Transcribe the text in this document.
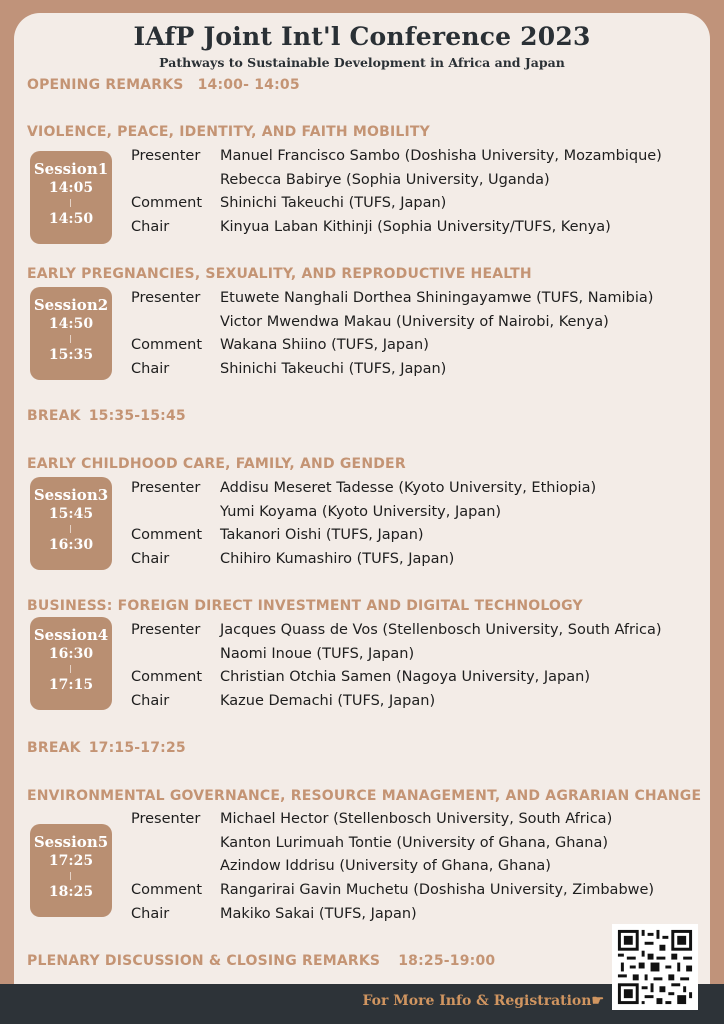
IAfP Joint Int'l Conference 2023
Pathways to Sustainable Development in Africa and Japan
OPENING REMARKS 14:00- 14:05
VIOLENCE, PEACE, IDENTITY, AND FAITH MOBILITY
Session1
14:05
14:50
Presenter Manuel Francisco Sambo (Doshisha University, Mozambique)
Rebecca Babirye (Sophia University, Uganda)
Comment Shinichi Takeuchi (TUFS, Japan)
Chair	Kinyua Laban Kithinji (Sophia University/TUFS, Kenya)
EARLY PREGNANCIES, SEXUALITY, AND REPRODUCTIVE HEALTH
Session2
14:50
15:35
Presenter Etuwete Nanghali Dorthea Shiningayamwe (TUFS, Namibia)
Victor Mwendwa Makau (University of Nairobi, Kenya)
Comment Wakana Shiino (TUFS, Japan)
Chair	Shinichi Takeuchi (TUFS, Japan)
BREAK 15:35-15:45
EARLY CHILDHOOD CARE, FAMILY, AND GENDER
Session3
15:45
16:30
Presenter Addisu Meseret Tadesse (Kyoto University, Ethiopia)
Yumi Koyama (Kyoto University, Japan)
Comment Takanori Oishi (TUFS, Japan)
Chair	Chihiro Kumashiro (TUFS, Japan)
BUSINESS: FOREIGN DIRECT INVESTMENT AND DIGITAL TECHNOLOGY
Session4
16:30
17:15
Presenter Jacques Quass de Vos (Stellenbosch University, South Africa)
Naomi Inoue (TUFS, Japan)
Comment Christian Otchia Samen (Nagoya University, Japan)
Chair	Kazue Demachi (TUFS, Japan)
BREAK 17:15-17:25
ENVIRONMENTAL GOVERNANCE, RESOURCE MANAGEMENT, AND AGRARIAN CHANGE
Session5
17:25
18:25
Presenter Michael Hector (Stellenbosch University, South Africa)
Kanton Lurimuah Tontie (University of Ghana, Ghana)
Azindow Iddrisu (University of Ghana, Ghana)
Comment Rangarirai Gavin Muchetu (Doshisha University, Zimbabwe)
Chair	Makiko Sakai (TUFS, Japan)
PLENARY DISCUSSION & CLOSING REMARKS 18:25-19:00
For More Info & Registration☛
